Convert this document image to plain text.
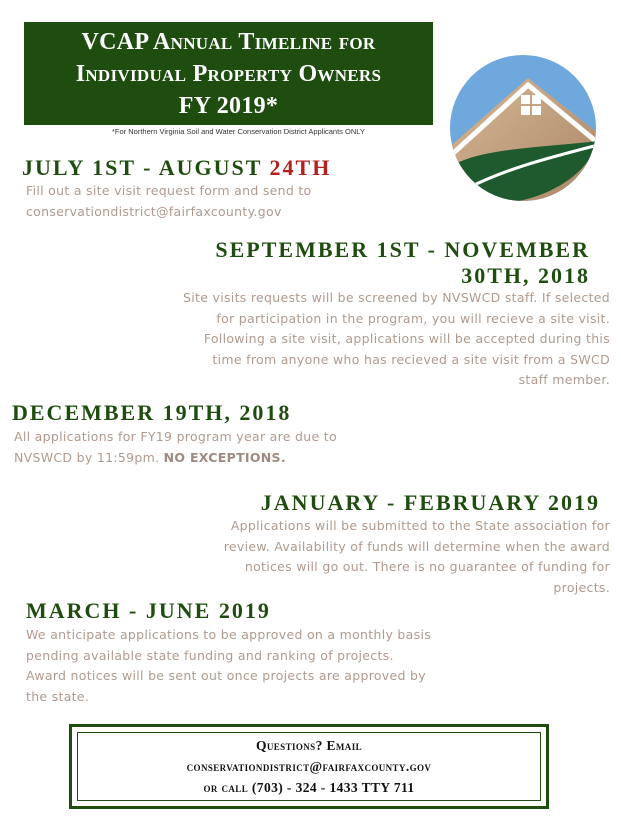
VCAP Annual Timeline for
Individual Property Owners
FY 2019*
*For Northern Virginia Soil and Water Conservation District Applicants ONLY
JULY 1ST - AUGUST 24TH
Fill out a site visit request form and send to conservationdistrict@fairfaxcounty.gov
SEPTEMBER 1ST - NOVEMBER
30TH, 2018
Site visits requests will be screened by NVSWCD staff. If selected for participation in the program, you will recieve a site visit. Following a site visit, applications will be accepted during this time from anyone who has recieved a site visit from a SWCD staff member.
DECEMBER 19TH, 2018
All applications for FY19 program year are due to NVSWCD by 11:59pm. NO EXCEPTIONS.
JANUARY - FEBRUARY 2019
Applications will be submitted to the State association for review. Availability of funds will determine when the award notices will go out. There is no guarantee of funding for projects.
MARCH - JUNE 2019
We anticipate applications to be approved on a monthly basis pending available state funding and ranking of projects. Award notices will be sent out once projects are approved by the state.
Questions? Email
conservationdistrict@fairfaxcounty.gov
or call (703) - 324 - 1433 TTY 711
